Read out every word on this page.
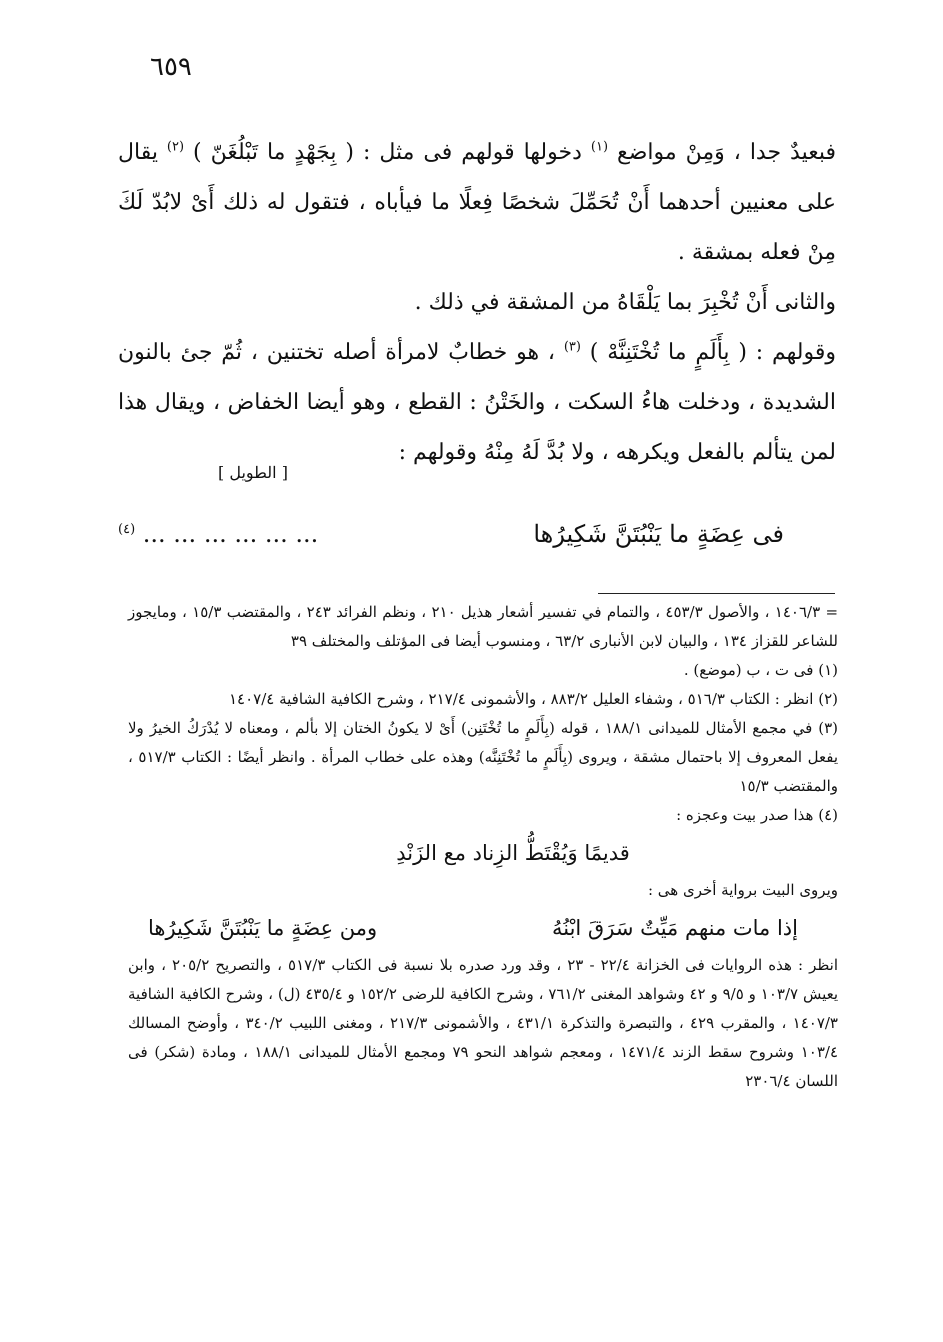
٦٥٩

فبعيدٌ جدا ، وَمِنْ مواضع $^{(١)}$ دخولها قولهم فى مثل : ( بِجَهْدٍ ما تَبْلُغَنّ ) $^{(٢)}$ يقال على معنيين أحدهما أَنْ تُحَمِّلَ شخصًا فِعلًا ما فيأباه ، فتقول له ذلك أَىْ لابُدّ لَكَ مِنْ فعله بمشقة .

والثانى أَنْ تُخْبِرَ بما يَلْقَاهُ من المشقة في ذلك .

وقولهم : ( بِأَلَمٍ ما تُخْتَنِنَّهْ ) $^{(٣)}$ ، هو خطابٌ لامرأة أصله تختنين ، ثُمّ جئ بالنون الشديدة ، ودخلت هاءُ السكت ، والخَتْنُ : القطع ، وهو أيضا الخفاض ، ويقال هذا لمن يتألم بالفعل ويكرهه ، ولا بُدَّ لَهُ مِنْهُ وقولهم :

[ الطويل ]
فى عِضَةٍ ما يَنْبُتَنَّ شَكِيرُها
... ... ... ... ... ... $^{(٤)}$

= ١٤٠٦/٣ ، والأصول ٤٥٣/٣ ، والتمام في تفسير أشعار هذيل ٢١٠ ، ونظم الفرائد ٢٤٣ ، والمقتضب ١٥/٣ ، ومايجوز للشاعر للقزاز ١٣٤ ، والبيان لابن الأنبارى ٦٣/٢ ، ومنسوب أيضا فى المؤتلف والمختلف ٣٩

(١) فى ت ، ب (موضع) .

(٢) انظر : الكتاب ٥١٦/٣ ، وشفاء العليل ٨٨٣/٢ ، والأشمونى ٢١٧/٤ ، وشرح الكافية الشافية ١٤٠٧/٤

(٣) في مجمع الأمثال للميدانى ١٨٨/١ ، قوله (بِأَلَمٍ ما تُخْتَنِن) أَىْ لا يكونُ الختان إلا بألم ، ومعناه لا يُدْرَكُ الخيرُ ولا يفعل المعروف إلا باحتمال مشقة ، ويروى (بِأَلَمٍ ما تُخْتَنِنَّه) وهذه على خطاب المرأة . وانظر أيضًا : الكتاب ٥١٧/٣ ، والمقتضب ١٥/٣

(٤) هذا صدر بيت وعجزه :

قديمًا وَيُقْتَطُّ الزِناد مع الزَنْدِ

ويروى البيت برواية أخرى هى :

إذا مات منهم مَيِّتٌ سَرَقَ ابْنُهُ
ومن عِضَةٍ ما يَنْبُتَنَّ شَكِيرُها

انظر : هذه الروايات فى الخزانة ٢٢/٤ - ٢٣ ، وقد ورد صدره بلا نسبة فى الكتاب ٥١٧/٣ ، والتصريح ٢٠٥/٢ ، وابن يعيش ١٠٣/٧ و ٩/٥ و ٤٢ وشواهد المغنى ٧٦١/٢ ، وشرح الكافية للرضى ١٥٢/٢ و ٤٣٥/٤ (ل) ، وشرح الكافية الشافية ١٤٠٧/٣ ، والمقرب ٤٢٩ ، والتبصرة والتذكرة ٤٣١/١ ، والأشمونى ٢١٧/٣ ، ومغنى اللبيب ٣٤٠/٢ ، وأوضح المسالك ١٠٣/٤ وشروح سقط الزند ١٤٧١/٤ ، ومعجم شواهد النحو ٧٩ ومجمع الأمثال للميدانى ١٨٨/١ ، ومادة (شكر) فى اللسان ٢٣٠٦/٤
